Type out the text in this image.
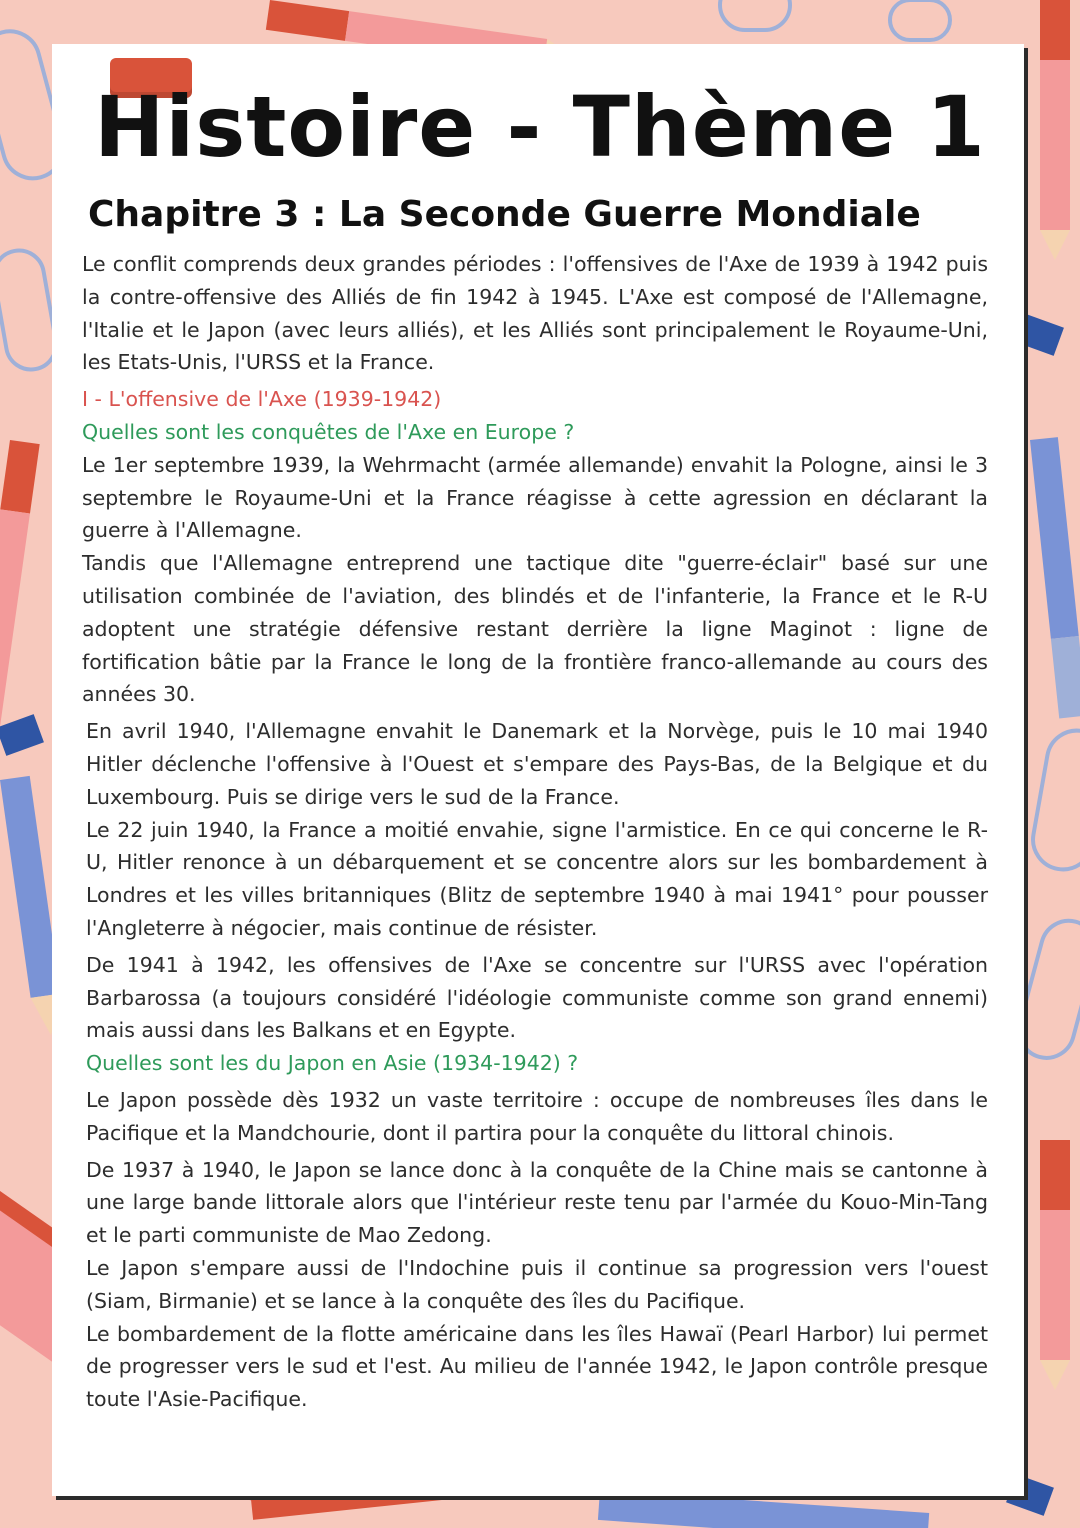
Histoire - Thème 1
Chapitre 3 : La Seconde Guerre Mondiale

Le conflit comprends deux grandes périodes : l'offensives de l'Axe de 1939 à 1942 puis la contre-offensive des Alliés de fin 1942 à 1945. L'Axe est composé de l'Allemagne, l'Italie et le Japon (avec leurs alliés), et les Alliés sont principalement le Royaume-Uni, les Etats-Unis, l'URSS et la France.

I - L'offensive de l'Axe (1939-1942)

Quelles sont les conquêtes de l'Axe en Europe ?

Le 1er septembre 1939, la Wehrmacht (armée allemande) envahit la Pologne, ainsi le 3 septembre le Royaume-Uni et la France réagisse à cette agression en déclarant la guerre à l'Allemagne.

Tandis que l'Allemagne entreprend une tactique dite "guerre-éclair" basé sur une utilisation combinée de l'aviation, des blindés et de l'infanterie, la France et le R-U adoptent une stratégie défensive restant derrière la ligne Maginot : ligne de fortification bâtie par la France le long de la frontière franco-allemande au cours des années 30.

En avril 1940, l'Allemagne envahit le Danemark et la Norvège, puis le 10 mai 1940 Hitler déclenche l'offensive à l'Ouest et s'empare des Pays-Bas, de la Belgique et du Luxembourg. Puis se dirige vers le sud de la France.

Le 22 juin 1940, la France a moitié envahie, signe l'armistice. En ce qui concerne le R-U, Hitler renonce à un débarquement et se concentre alors sur les bombardement à Londres et les villes britanniques (Blitz de septembre 1940 à mai 1941° pour pousser l'Angleterre à négocier, mais continue de résister.

De 1941 à 1942, les offensives de l'Axe se concentre sur l'URSS avec l'opération Barbarossa (a toujours considéré l'idéologie communiste comme son grand ennemi) mais aussi dans les Balkans et en Egypte.

Quelles sont les du Japon en Asie (1934-1942) ?

Le Japon possède dès 1932 un vaste territoire : occupe de nombreuses îles dans le Pacifique et la Mandchourie, dont il partira pour la conquête du littoral chinois.

De 1937 à 1940, le Japon se lance donc à la conquête de la Chine mais se cantonne à une large bande littorale alors que l'intérieur reste tenu par l'armée du Kouo-Min-Tang et le parti communiste de Mao Zedong.

Le Japon s'empare aussi de l'Indochine puis il continue sa progression vers l'ouest (Siam, Birmanie) et se lance à la conquête des îles du Pacifique.

Le bombardement de la flotte américaine dans les îles Hawaï (Pearl Harbor) lui permet de progresser vers le sud et l'est. Au milieu de l'année 1942, le Japon contrôle presque toute l'Asie-Pacifique.
